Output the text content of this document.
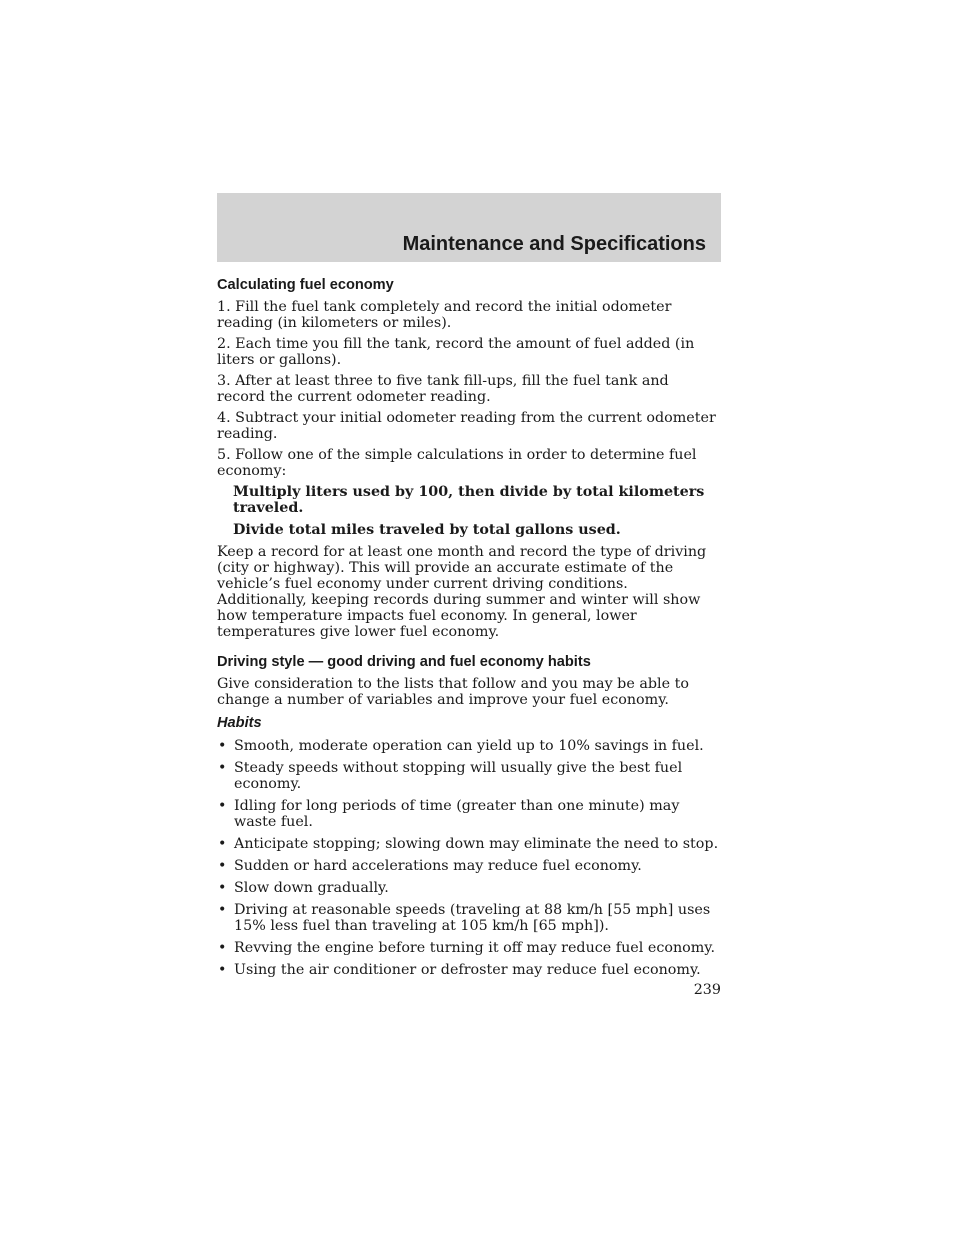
Maintenance and Specifications
Calculating fuel economy

1. Fill the fuel tank completely and record the initial odometer reading (in kilometers or miles).

2. Each time you fill the tank, record the amount of fuel added (in liters or gallons).

3. After at least three to five tank fill-ups, fill the fuel tank and record the current odometer reading.

4. Subtract your initial odometer reading from the current odometer reading.

5. Follow one of the simple calculations in order to determine fuel economy:

Multiply liters used by 100, then divide by total kilometers traveled.

Divide total miles traveled by total gallons used.

Keep a record for at least one month and record the type of driving (city or highway). This will provide an accurate estimate of the vehicle’s fuel economy under current driving conditions. Additionally, keeping records during summer and winter will show how temperature impacts fuel economy. In general, lower temperatures give lower fuel economy.

Driving style — good driving and fuel economy habits

Give consideration to the lists that follow and you may be able to change a number of variables and improve your fuel economy.

Habits
• Smooth, moderate operation can yield up to 10% savings in fuel.
• Steady speeds without stopping will usually give the best fuel economy.
• Idling for long periods of time (greater than one minute) may waste fuel.
• Anticipate stopping; slowing down may eliminate the need to stop.
• Sudden or hard accelerations may reduce fuel economy.
• Slow down gradually.
• Driving at reasonable speeds (traveling at 88 km/h [55 mph] uses 15% less fuel than traveling at 105 km/h [65 mph]).
• Revving the engine before turning it off may reduce fuel economy.
• Using the air conditioner or defroster may reduce fuel economy.
239
